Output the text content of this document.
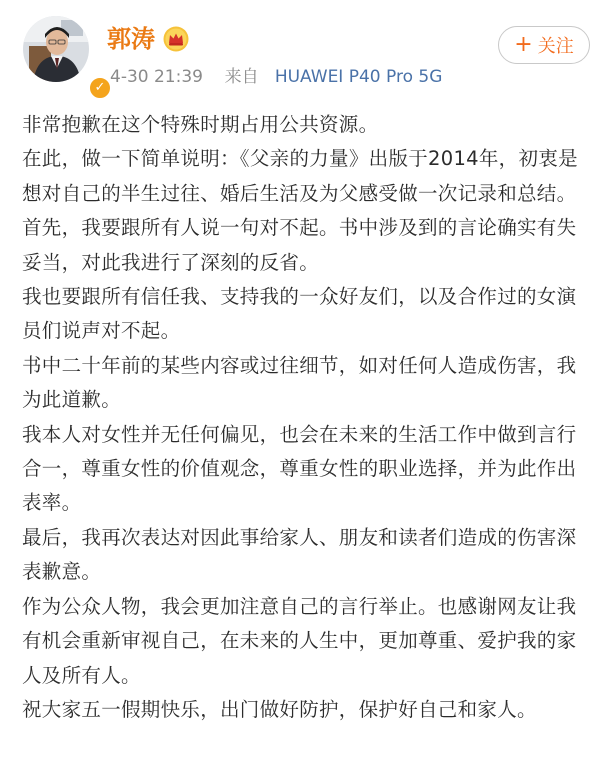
✓
郭涛
4-30 21:39 来自 HUAWEI P40 Pro 5G
+ 关注

非常抱歉在这个特殊时期占用公共资源。

在此，做一下简单说明：《父亲的力量》出版于2014年，初衷是想对自己的半生过往、婚后生活及为父感受做一次记录和总结。

首先，我要跟所有人说一句对不起。书中涉及到的言论确实有失妥当，对此我进行了深刻的反省。

我也要跟所有信任我、支持我的一众好友们，以及合作过的女演员们说声对不起。

书中二十年前的某些内容或过往细节，如对任何人造成伤害，我为此道歉。

我本人对女性并无任何偏见，也会在未来的生活工作中做到言行合一，尊重女性的价值观念，尊重女性的职业选择，并为此作出表率。

最后，我再次表达对因此事给家人、朋友和读者们造成的伤害深表歉意。

作为公众人物，我会更加注意自己的言行举止。也感谢网友让我有机会重新审视自己，在未来的人生中，更加尊重、爱护我的家人及所有人。

祝大家五一假期快乐，出门做好防护，保护好自己和家人。
